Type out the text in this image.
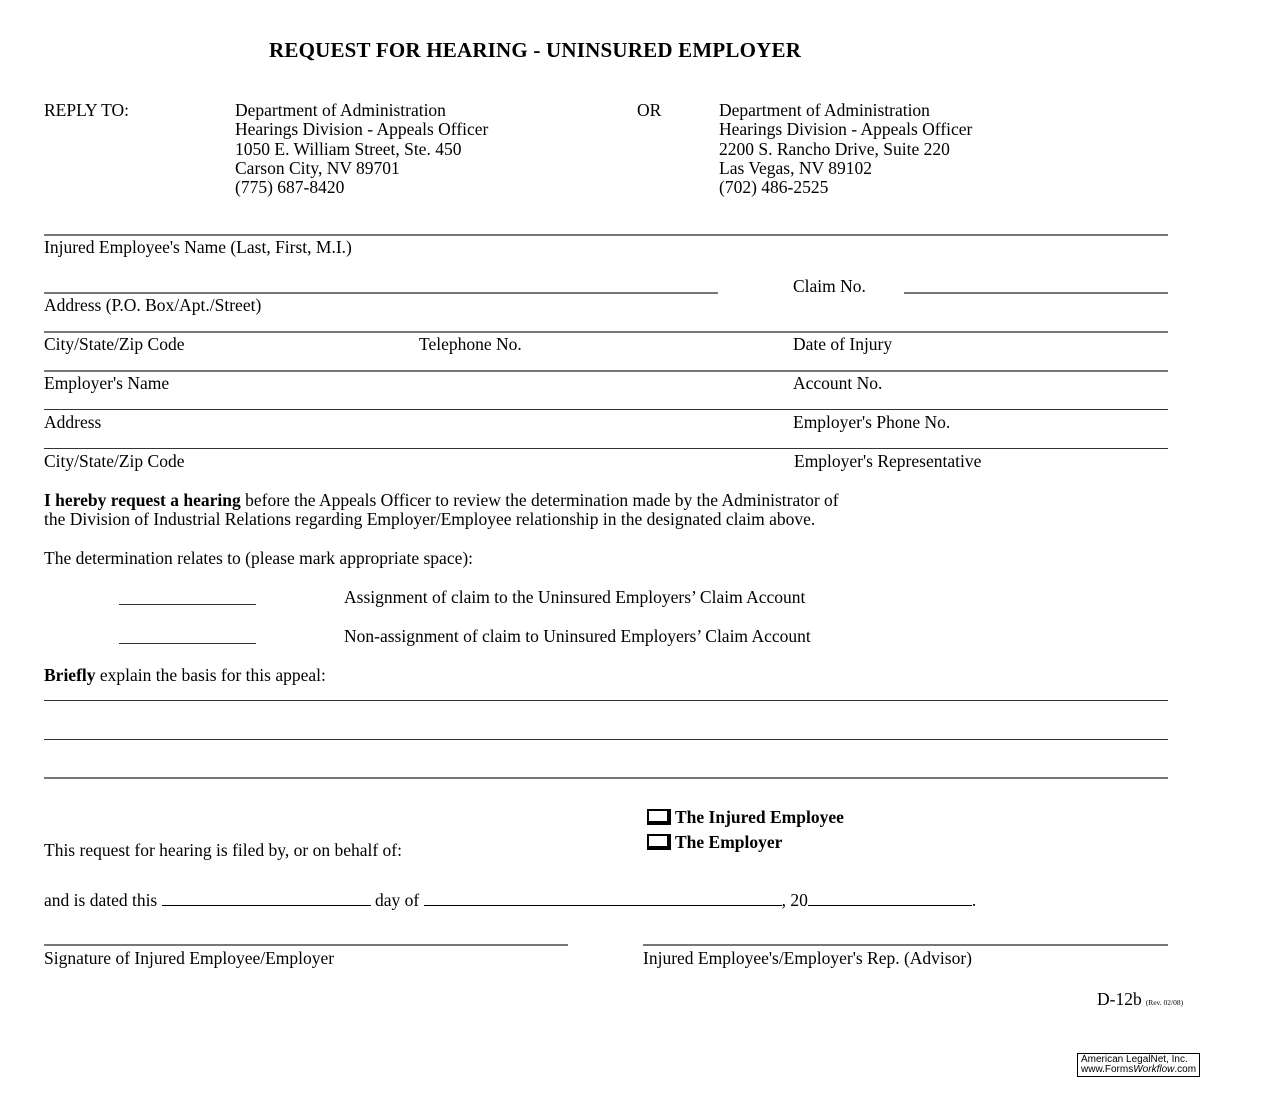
REQUEST FOR HEARING - UNINSURED EMPLOYER
REPLY TO:	Department of Administration
Hearings Division - Appeals Officer
1050 E. William Street, Ste. 450
Carson City, NV 89701
(775) 687-8420
OR	Department of Administration
Hearings Division - Appeals Officer
2200 S. Rancho Drive, Suite 220
Las Vegas, NV 89102
(702) 486-2525
Injured Employee's Name (Last, First, M.I.)
Claim No.
Address (P.O. Box/Apt./Street)
City/State/Zip Code	Telephone No.	Date of Injury
Employer's Name	Account No.
Address	Employer's Phone No.
City/State/Zip Code	Employer's Representative
I hereby request a hearing before the Appeals Officer to review the determination made by the Administrator of
the Division of Industrial Relations regarding Employer/Employee relationship in the designated claim above.
The determination relates to (please mark appropriate space):
Assignment of claim to the Uninsured Employers’ Claim Account
Non-assignment of claim to Uninsured Employers’ Claim Account
Briefly explain the basis for this appeal:
This request for hearing is filed by, or on behalf of:
The Injured Employee
The Employer
and is dated this	day of	, 20	.
Signature of Injured Employee/Employer	Injured Employee's/Employer's Rep. (Advisor)
D-12b (Rev. 02/08)
American LegalNet, Inc.
www.FormsWorkflow.com
